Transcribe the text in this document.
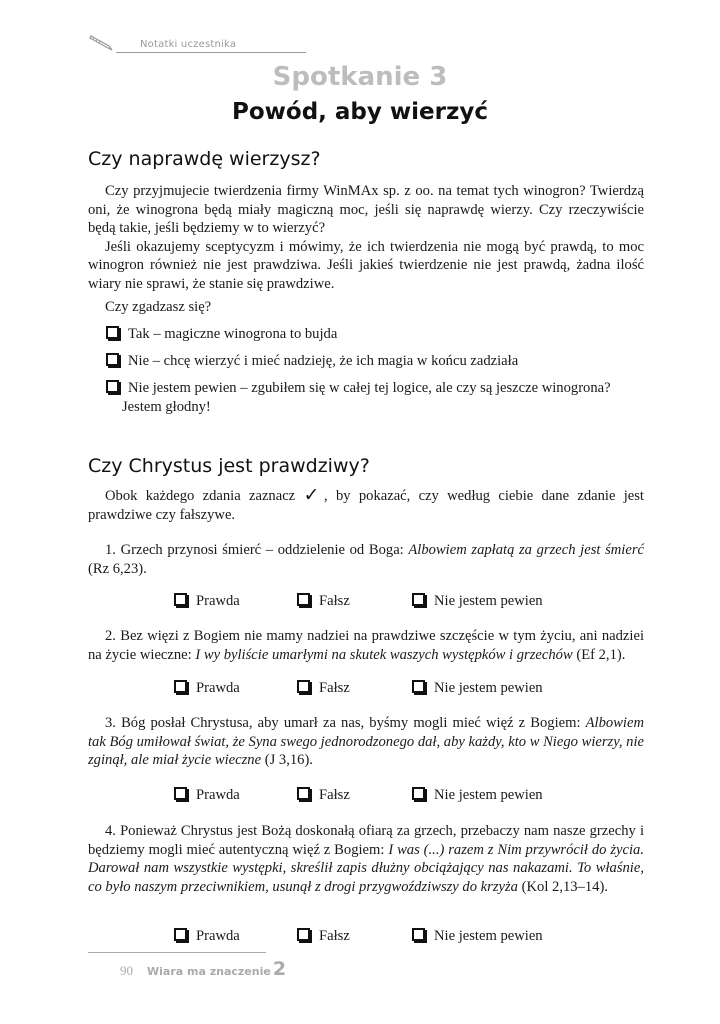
Notatki uczestnika
Spotkanie 3
Powód, aby wierzyć
Czy naprawdę wierzysz?

Czy przyjmujecie twierdzenia firmy WinMAx sp. z oo. na temat tych winogron? Twierdzą oni, że winogrona będą miały magiczną moc, jeśli się naprawdę wierzy. Czy rzeczywiście będą takie, jeśli będziemy w to wierzyć?

Jeśli okazujemy sceptycyzm i mówimy, że ich twierdzenia nie mogą być prawdą, to moc winogron również nie jest prawdziwa. Jeśli jakieś twierdzenie nie jest prawdą, żadna ilość wiary nie sprawi, że stanie się prawdziwe.

Czy zgadzasz się?

Tak – magiczne winogrona to bujda
Nie – chcę wierzyć i mieć nadzieję, że ich magia w końcu zadziała
Nie jestem pewien – zgubiłem się w całej tej logice, ale czy są jeszcze winogrona?
Jestem głodny!
Czy Chrystus jest prawdziwy?

Obok każdego zdania zaznacz ✓, by pokazać, czy według ciebie dane zdanie jest prawdziwe czy fałszywe.

1. Grzech przynosi śmierć – oddzielenie od Boga: Albowiem zapłatą za grzech jest śmierć (Rz 6,23).

Prawda	Fałsz	Nie jestem pewien

2. Bez więzi z Bogiem nie mamy nadziei na prawdziwe szczęście w tym życiu, ani nadziei na życie wieczne: I wy byliście umarłymi na skutek waszych występków i grzechów (Ef 2,1).

Prawda	Fałsz	Nie jestem pewien

3. Bóg posłał Chrystusa, aby umarł za nas, byśmy mogli mieć więź z Bogiem: Albowiem tak Bóg umiłował świat, że Syna swego jednorodzonego dał, aby każdy, kto w Niego wierzy, nie zginął, ale miał życie wieczne (J 3,16).

Prawda	Fałsz	Nie jestem pewien

4. Ponieważ Chrystus jest Bożą doskonałą ofiarą za grzech, przebaczy nam nasze grzechy i będziemy mogli mieć autentyczną więź z Bogiem: I was (...) razem z Nim przywrócił do życia. Darował nam wszystkie występki, skreślił zapis dłużny obciążający nas nakazami. To właśnie, co było naszym przeciwnikiem, usunął z drogi przygwoździwszy do krzyża (Kol 2,13–14).

Prawda	Fałsz	Nie jestem pewien
90 Wiara ma znaczenie 2
